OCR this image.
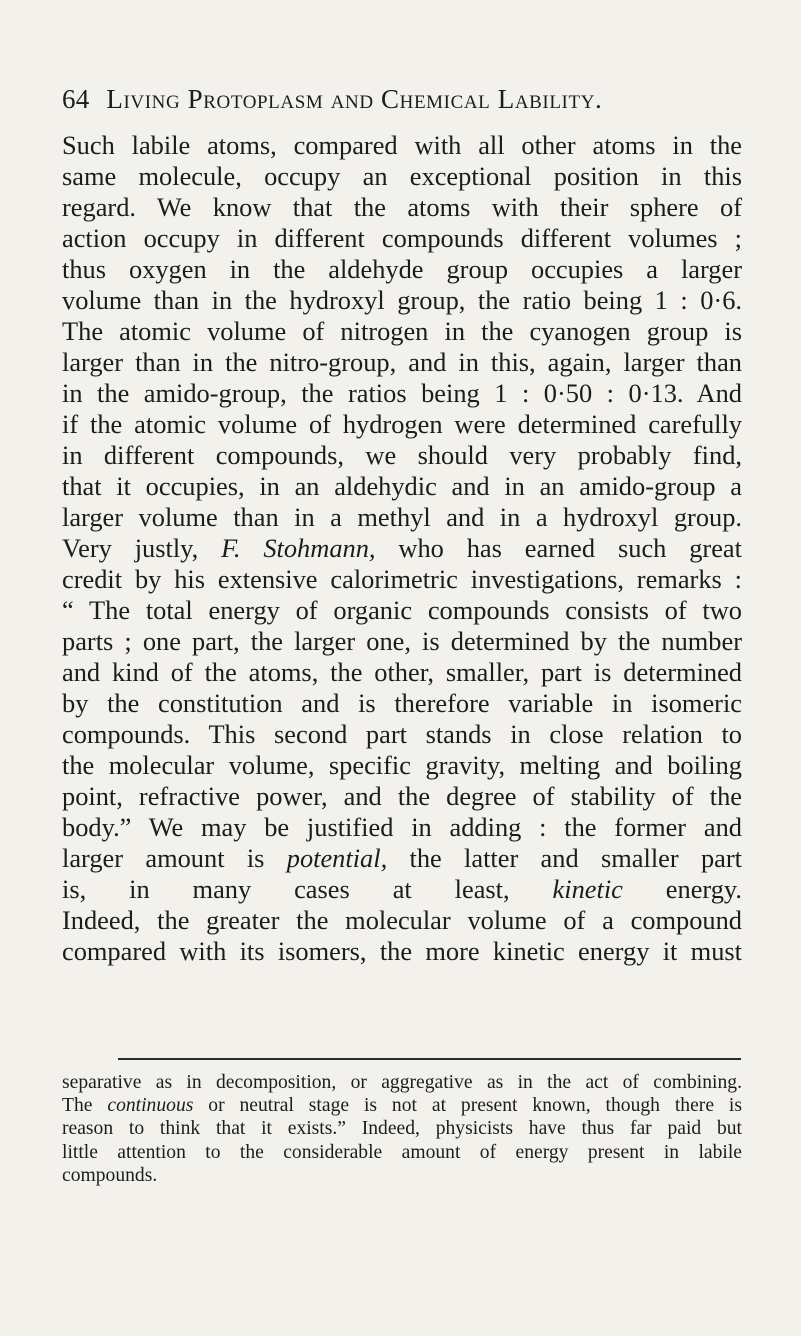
64 Living Protoplasm and Chemical Lability.
Such labile atoms, compared with all other atoms in the
same molecule, occupy an exceptional position in this
regard. We know that the atoms with their sphere of
action occupy in different compounds different volumes ;
thus oxygen in the aldehyde group occupies a larger
volume than in the hydroxyl group, the ratio being 1 : 0·6.
The atomic volume of nitrogen in the cyanogen group is
larger than in the nitro-group, and in this, again, larger than
in the amido-group, the ratios being 1 : 0·50 : 0·13. And
if the atomic volume of hydrogen were determined carefully
in different compounds, we should very probably find,
that it occupies, in an aldehydic and in an amido-group a
larger volume than in a methyl and in a hydroxyl group.
Very justly, F. Stohmann, who has earned such great
credit by his extensive calorimetric investigations, remarks :
“ The total energy of organic compounds consists of two
parts ; one part, the larger one, is determined by the number
and kind of the atoms, the other, smaller, part is determined
by the constitution and is therefore variable in isomeric
compounds. This second part stands in close relation to
the molecular volume, specific gravity, melting and boiling
point, refractive power, and the degree of stability of the
body.” We may be justified in adding : the former and
larger amount is potential, the latter and smaller part
is, in many cases at least, kinetic energy.
Indeed, the greater the molecular volume of a compound
compared with its isomers, the more kinetic energy it must
separative as in decomposition, or aggregative as in the act of combining.
The continuous or neutral stage is not at present known, though there is
reason to think that it exists.” Indeed, physicists have thus far paid but
little attention to the considerable amount of energy present in labile
compounds.
